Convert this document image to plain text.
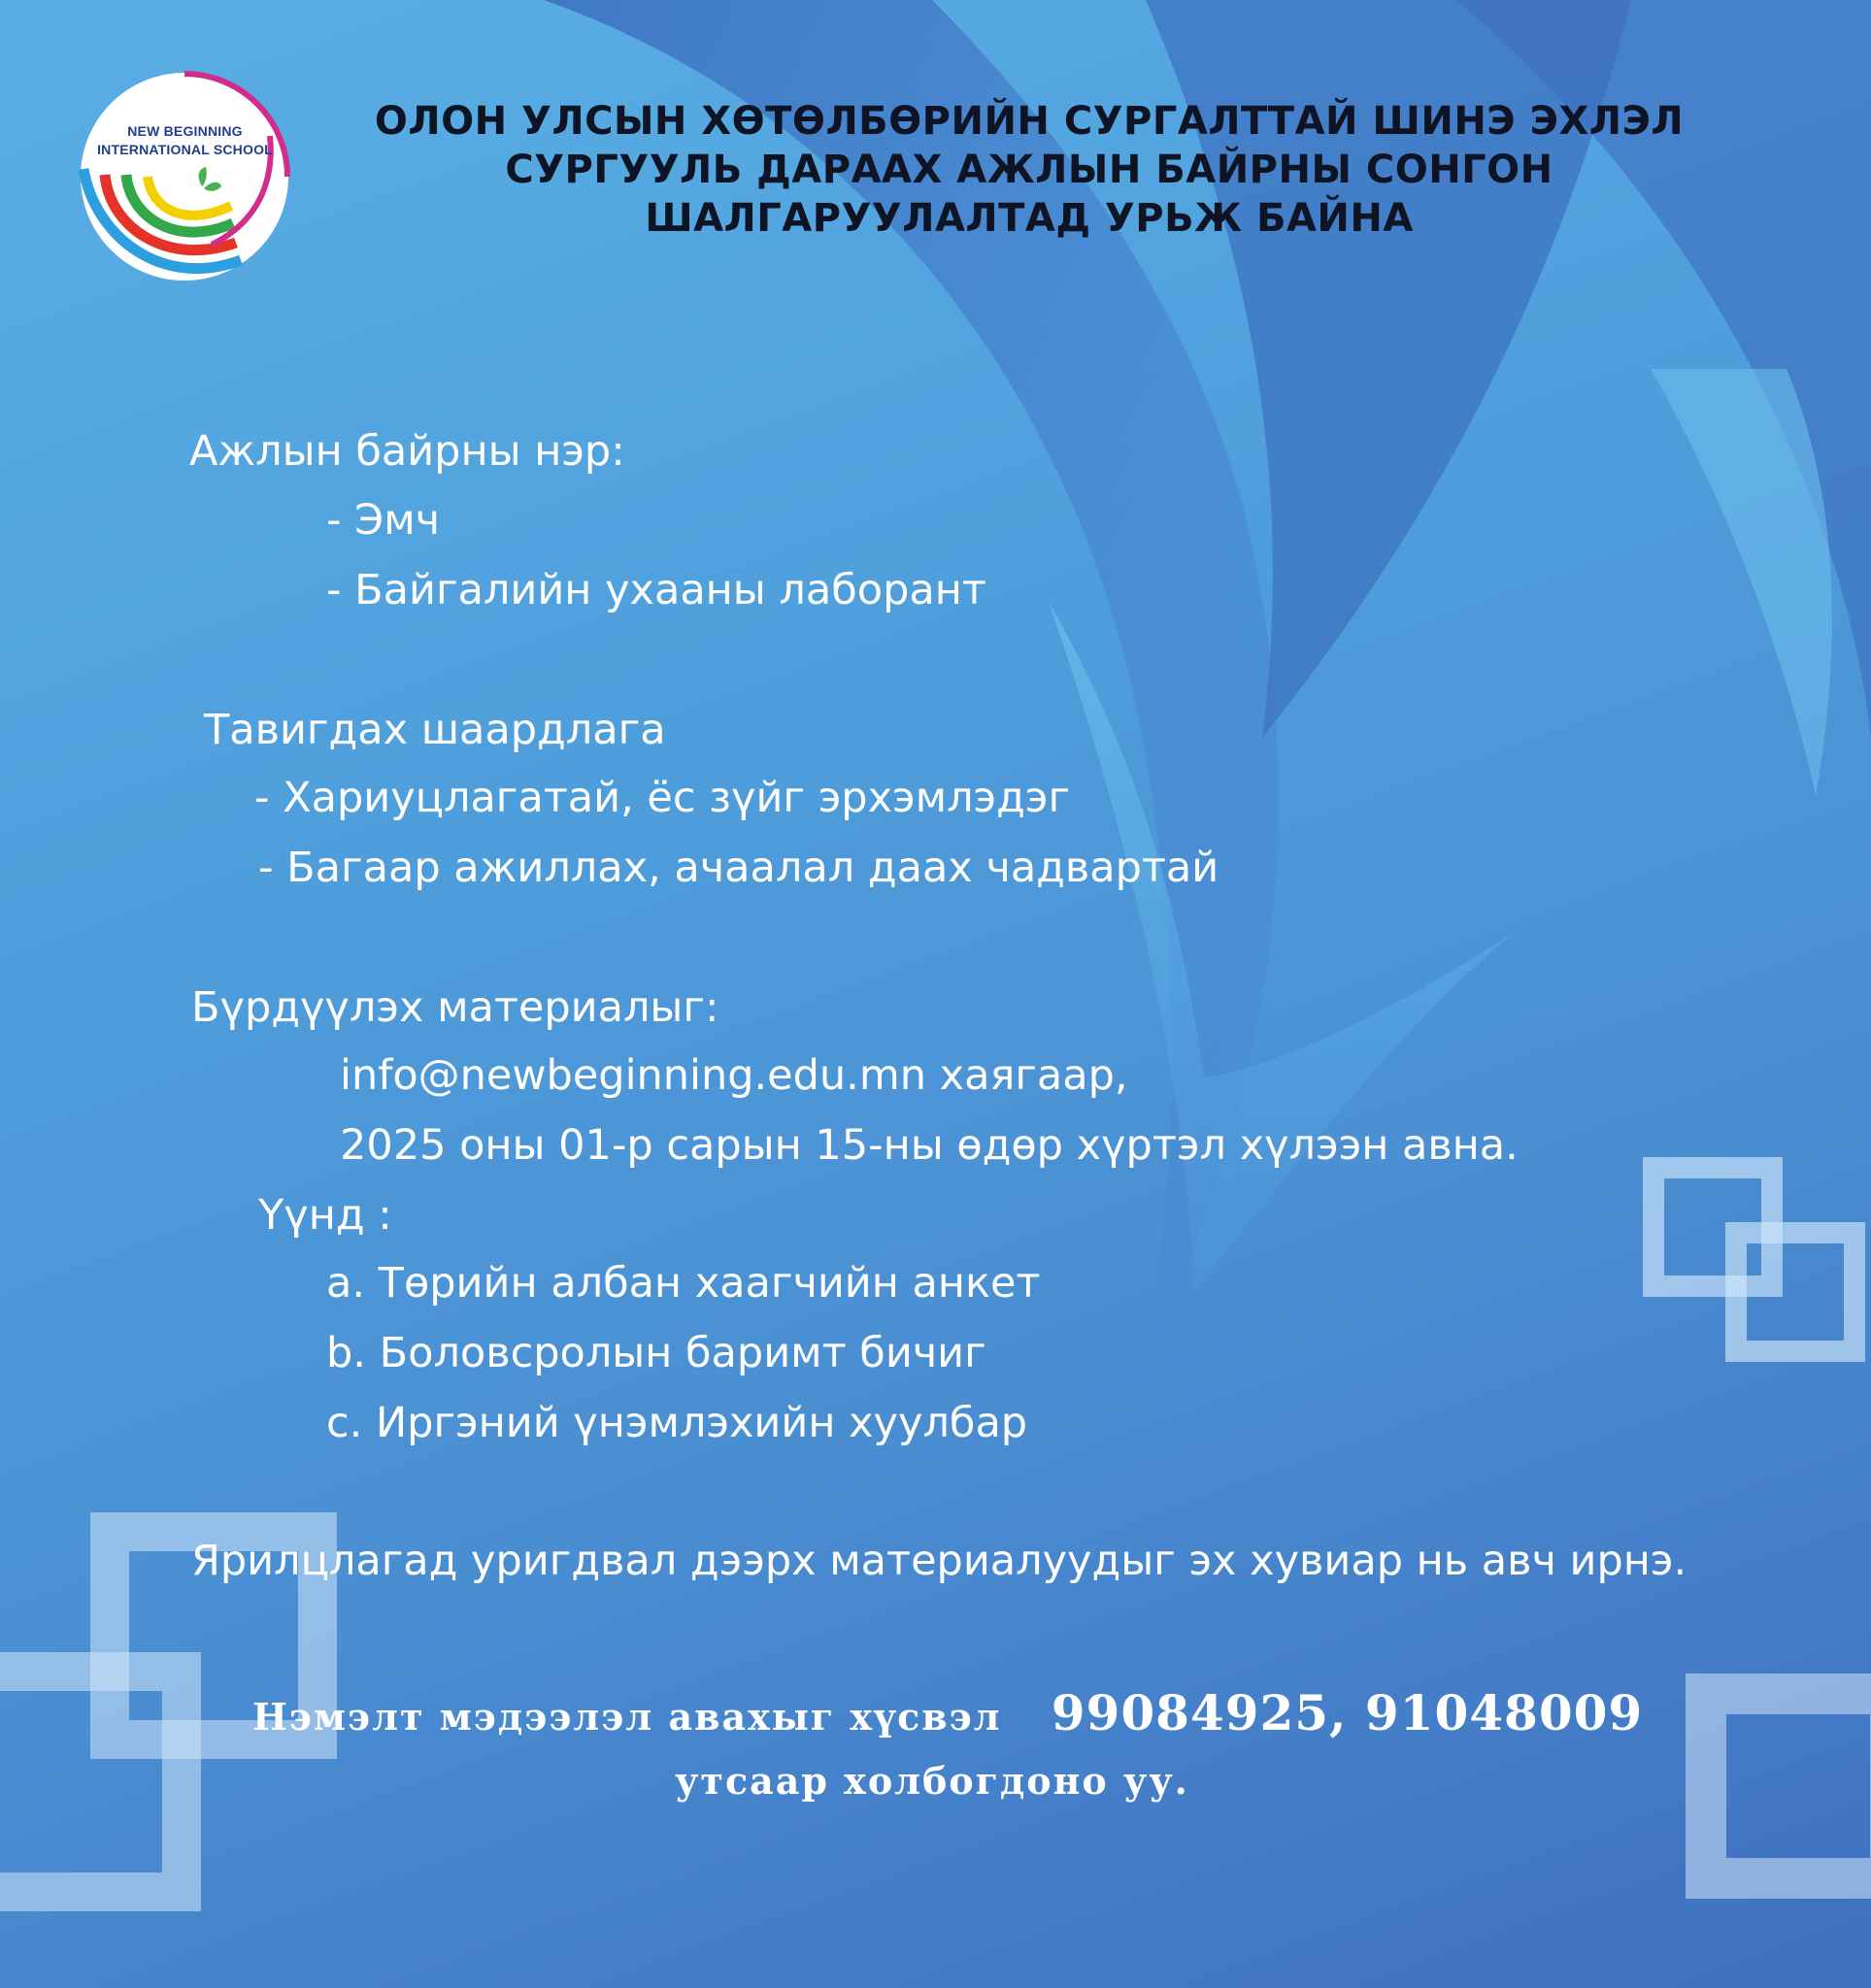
NEW BEGINNING
INTERNATIONAL SCHOOL
ОЛОН УЛСЫН ХӨТӨЛБӨРИЙН СУРГАЛТТАЙ ШИНЭ ЭХЛЭЛ
СУРГУУЛЬ ДАРААХ АЖЛЫН БАЙРНЫ СОНГОН
ШАЛГАРУУЛАЛТАД УРЬЖ БАЙНА
Ажлын байрны нэр:
- Эмч
- Байгалийн ухааны лаборант
Тавигдах шаардлага
- Хариуцлагатай, ёс зүйг эрхэмлэдэг
- Багаар ажиллах, ачаалал даах чадвартай
Бүрдүүлэх материалыг:
info@newbeginning.edu.mn хаягаар,
2025 оны 01-р сарын 15-ны өдөр хүртэл хүлээн авна.
Үүнд :
a. Төрийн албан хаагчийн анкет
b. Боловсролын баримт бичиг
c. Иргэний үнэмлэхийн хуулбар
Ярилцлагад уригдвал дээрх материалуудыг эх хувиар нь авч ирнэ.
Нэмэлт мэдээлэл авахыг хүсвэл 99084925, 91048009
утсаар холбогдоно уу.
